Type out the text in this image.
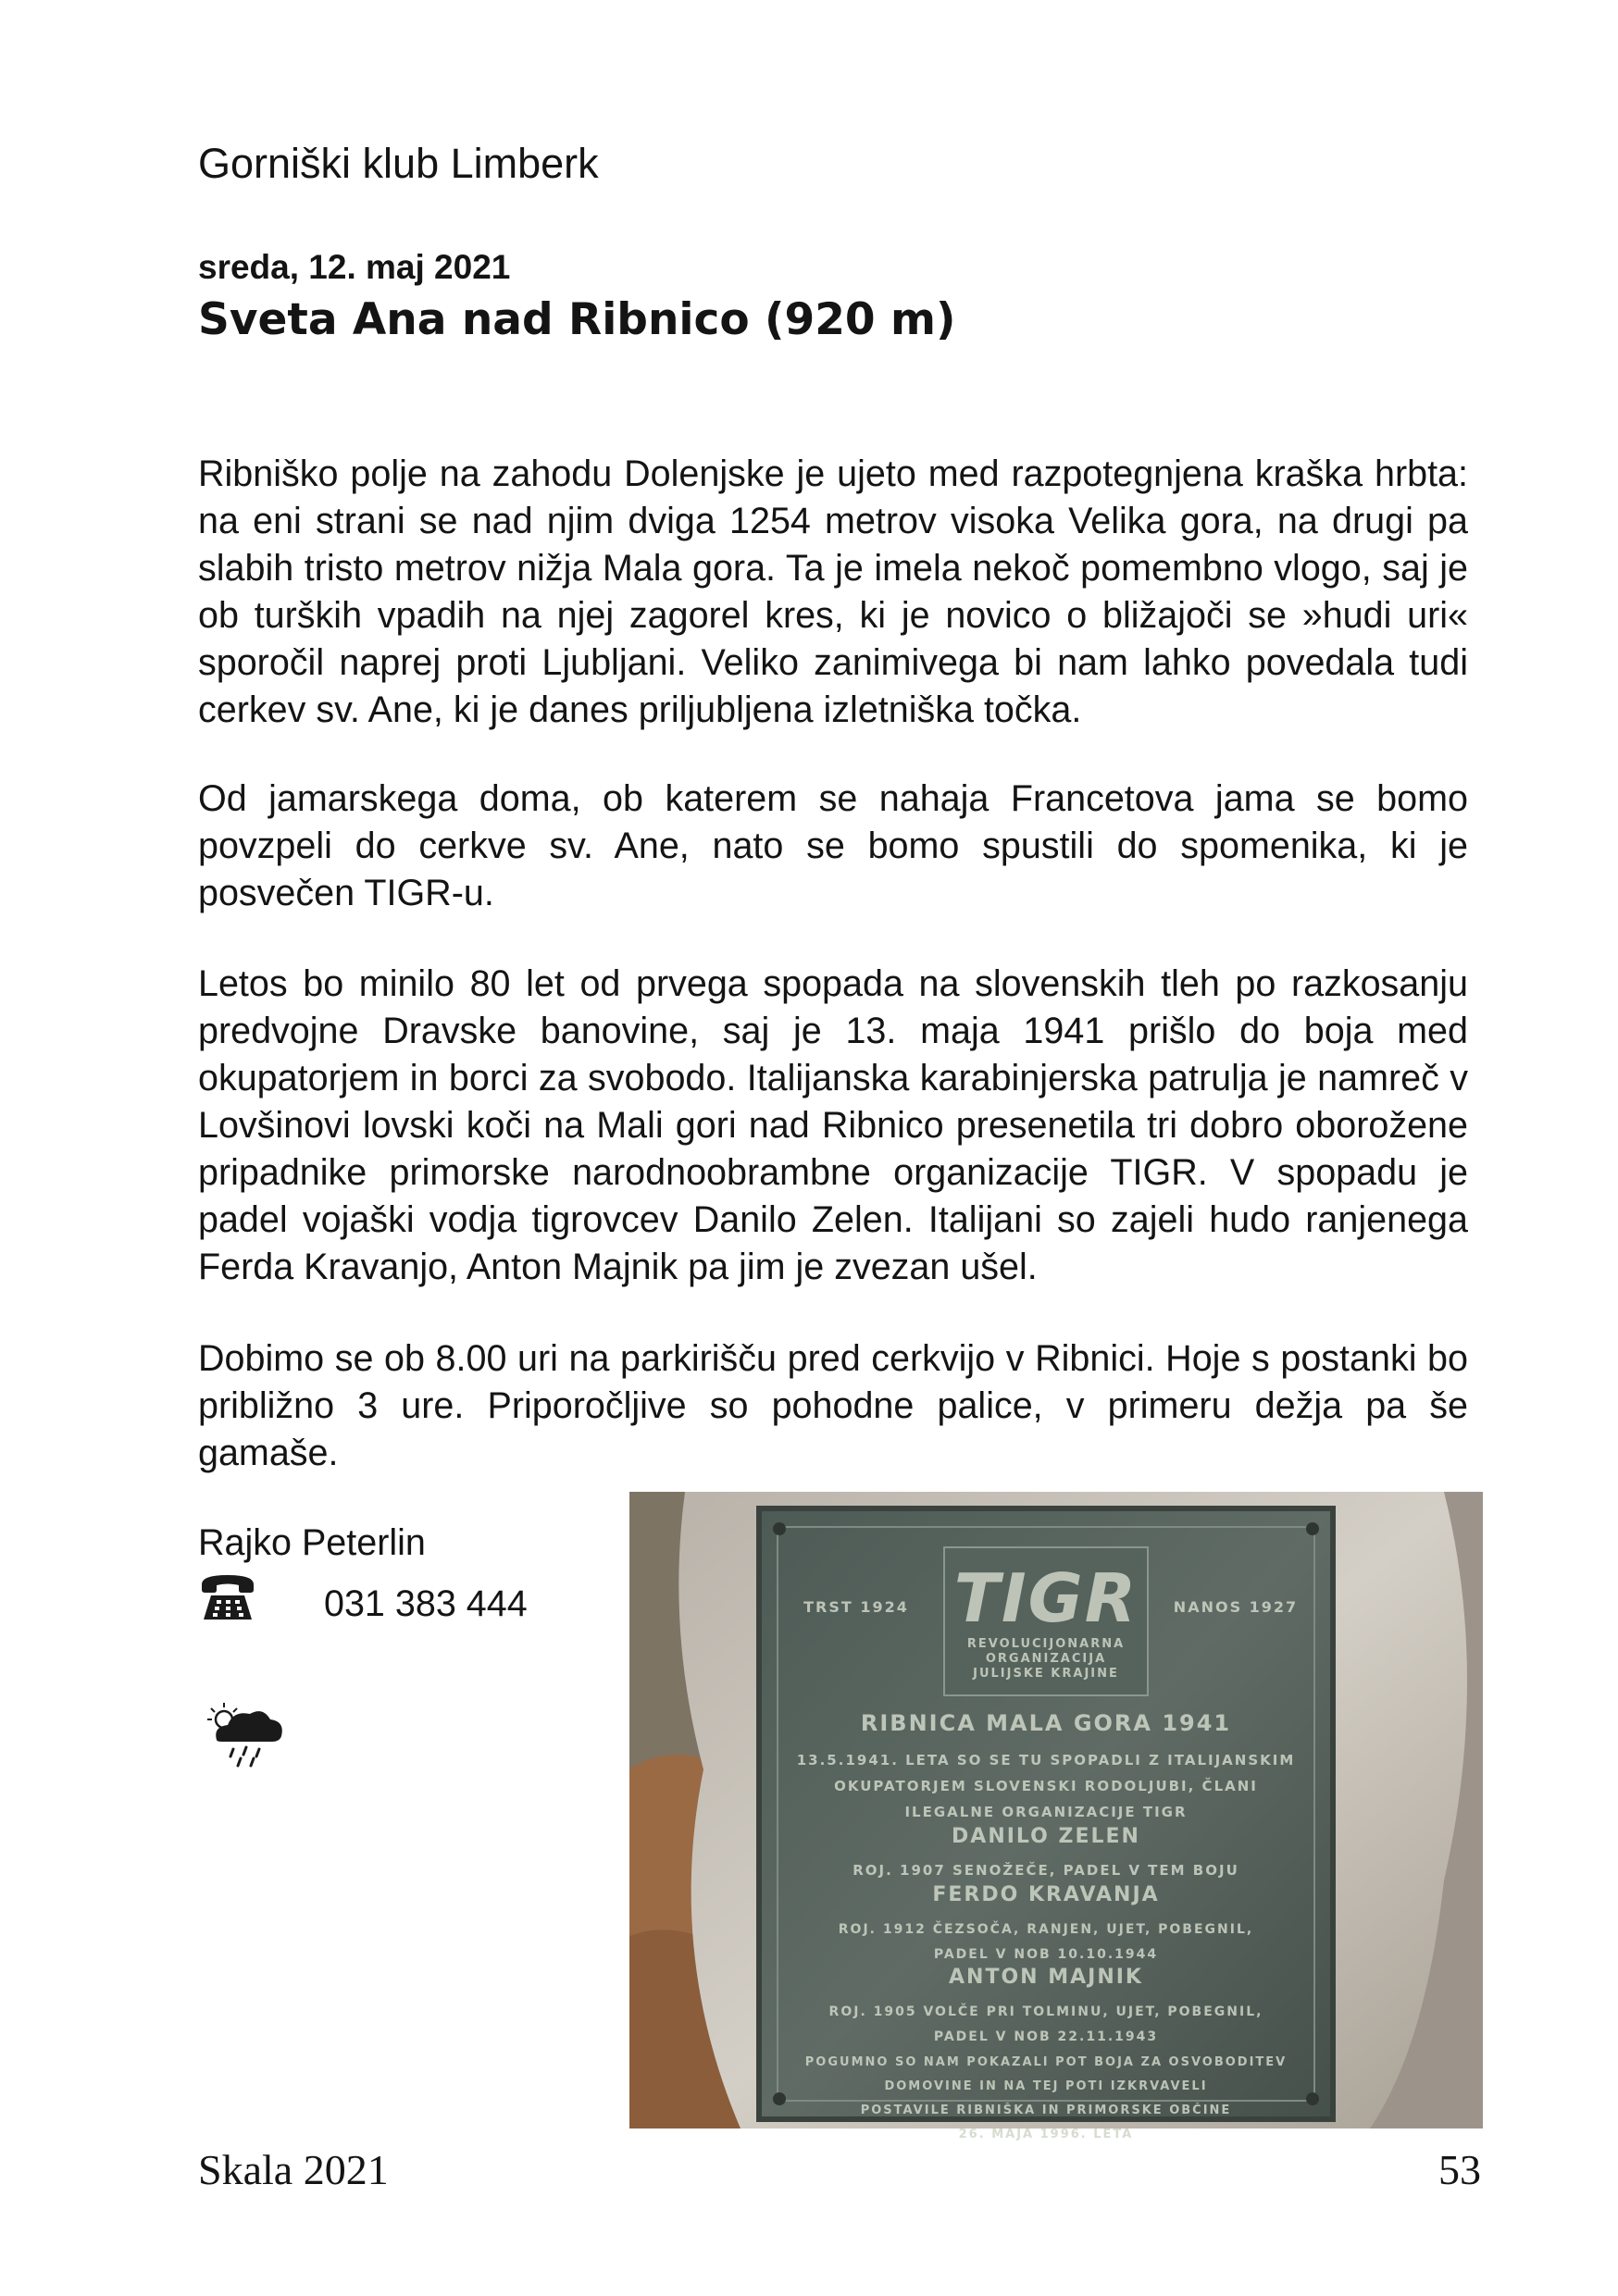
Gorniški klub Limberk
sreda, 12. maj 2021
Sveta Ana nad Ribnico (920 m)
Ribniško polje na zahodu Dolenjske je ujeto med razpotegnjena kraška hrbta: na eni strani se nad njim dviga 1254 metrov visoka Velika gora, na drugi pa slabih tristo metrov nižja Mala gora. Ta je imela nekoč pomembno vlogo, saj je ob turških vpadih na njej zagorel kres, ki je novico o bližajoči se »hudi uri« sporočil naprej proti Ljubljani. Veliko zanimivega bi nam lahko povedala tudi cerkev sv. Ane, ki je danes priljubljena izletniška točka.
Od jamarskega doma, ob katerem se nahaja Francetova jama se bomo povzpeli do cerkve sv. Ane, nato se bomo spustili do spomenika, ki je posvečen TIGR-u.
Letos bo minilo 80 let od prvega spopada na slovenskih tleh po razkosanju predvojne Dravske banovine, saj je 13. maja 1941 prišlo do boja med okupatorjem in borci za svobodo. Italijanska karabinjerska patrulja je namreč v Lovšinovi lovski koči na Mali gori nad Ribnico presenetila tri dobro oborožene pripadnike primorske narodnoobrambne organizacije TIGR. V spopadu je padel vojaški vodja tigrovcev Danilo Zelen. Italijani so zajeli hudo ranjenega Ferda Kravanjo, Anton Majnik pa jim je zvezan ušel.
Dobimo se ob 8.00 uri na parkirišču pred cerkvijo v Ribnici. Hoje s postanki bo približno 3 ure. Priporočljive so pohodne palice, v primeru dežja pa še gamaše.
Rajko Peterlin
031 383 444	TIGR
REVOLUCIJONARNA
ORGANIZACIJA
JULIJSKE KRAJINE
TRST 1924	NANOS 1927
RIBNICA MALA GORA 1941
13.5.1941. LETA SO SE TU SPOPADLI Z ITALIJANSKIM
OKUPATORJEM SLOVENSKI RODOLJUBI, ČLANI
ILEGALNE ORGANIZACIJE TIGR
DANILO ZELEN
ROJ. 1907 SENOŽEČE, PADEL V TEM BOJU
FERDO KRAVANJA
ROJ. 1912 ČEZSOČA, RANJEN, UJET, POBEGNIL,
PADEL V NOB 10.10.1944
ANTON MAJNIK
ROJ. 1905 VOLČE PRI TOLMINU, UJET, POBEGNIL,
PADEL V NOB 22.11.1943
POGUMNO SO NAM POKAZALI POT BOJA ZA OSVOBODITEV
DOMOVINE IN NA TEJ POTI IZKRVAVELI
POSTAVILE RIBNIŠKA IN PRIMORSKE OBČINE
26. MAJA 1996. LETA
Skala 2021	53
